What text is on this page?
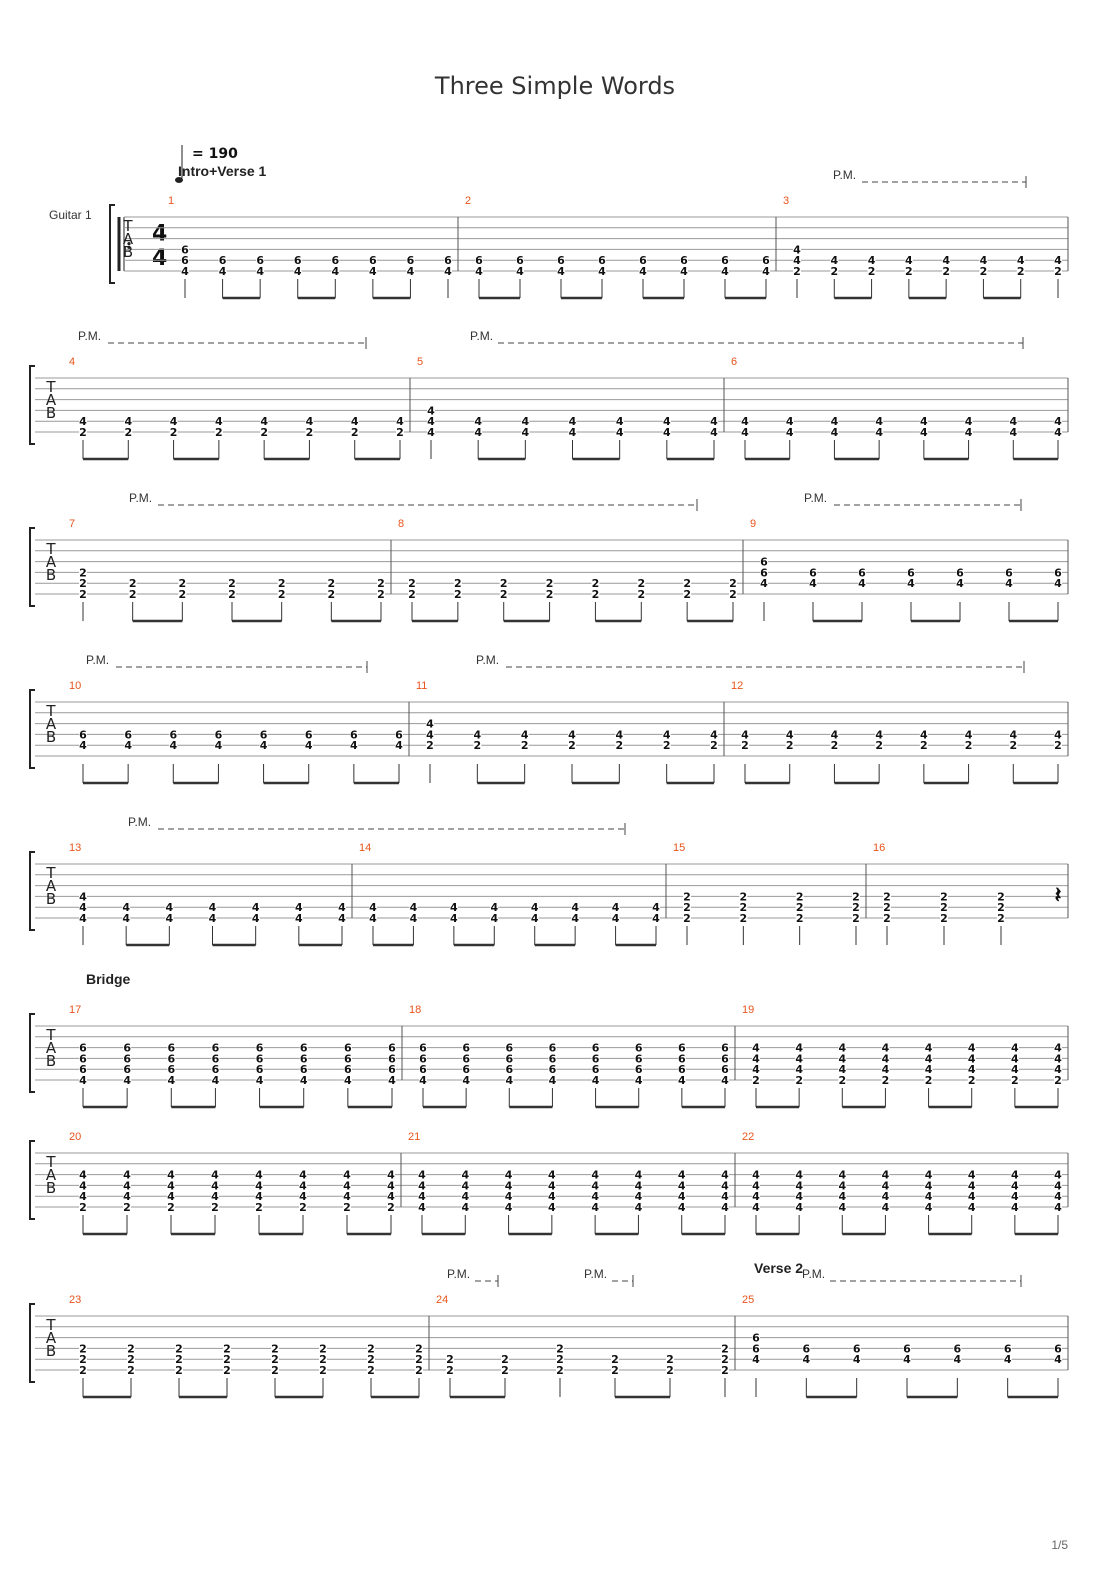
Three Simple Words
= 190
Guitar 1
4
4
T
A
B
Intro+Verse 1	P.M.
1
6
6
4
6
4
6
4
6
4
6
4
6
4
6
4
6
4
2
6
4
6
4
6
4
6
4
6
4
6
4
6
4
6
4
3
4
4
2
4
2
4
2
4
2
4
2
4
2
4
2
4
2
T
A
B
P.M.	P.M.
4
4
2
4
2
4
2
4
2
4
2
4
2
4
2
4
2
5
4
4
4
4
4
4
4
4
4
4
4
4
4
4
4
6
4
4
4
4
4
4
4
4
4
4
4
4
4
4
4
4
T
A
B
P.M.	P.M.
7
2
2
2
2
2
2
2
2
2
2
2
2
2
2
2
8
2
2
2
2
2
2
2
2
2
2
2
2
2
2
2
2
9
6
6
4
6
4
6
4
6
4
6
4
6
4
6
4
T
A
B
P.M.	P.M.
10
6
4
6
4
6
4
6
4
6
4
6
4
6
4
6
4
11
4
4
2
4
2
4
2
4
2
4
2
4
2
4
2
12
4
2
4
2
4
2
4
2
4
2
4
2
4
2
4
2
T
A
B
P.M.
13
4
4
4
4
4
4
4
4
4
4
4
4
4
4
4
14
4
4
4
4
4
4
4
4
4
4
4
4
4
4
4
4
15
2
2
2
2
2
2
2
2
2
2
2
2
16
2
2
2
2
2
2
2
2
2
𝄽
T
A
B
Bridge
17
6
6
6
4
6
6
6
4
6
6
6
4
6
6
6
4
6
6
6
4
6
6
6
4
6
6
6
4
6
6
6
4
18
6
6
6
4
6
6
6
4
6
6
6
4
6
6
6
4
6
6
6
4
6
6
6
4
6
6
6
4
6
6
6
4
19
4
4
4
2
4
4
4
2
4
4
4
2
4
4
4
2
4
4
4
2
4
4
4
2
4
4
4
2
4
4
4
2
T
A
B
20
4
4
4
2
4
4
4
2
4
4
4
2
4
4
4
2
4
4
4
2
4
4
4
2
4
4
4
2
4
4
4
2
21
4
4
4
4
4
4
4
4
4
4
4
4
4
4
4
4
4
4
4
4
4
4
4
4
4
4
4
4
4
4
4
4
22
4
4
4
4
4
4
4
4
4
4
4
4
4
4
4
4
4
4
4
4
4
4
4
4
4
4
4
4
4
4
4
4
T
A
B
Verse 2
P.M.	P.M.	P.M.
23
2
2
2
2
2
2
2
2
2
2
2
2
2
2
2
2
2
2
2
2
2
2
2
2
24
2
2
2
2
2
2
2
2
2
2
2
2
2
2
25
6
6
4
6
4
6
4
6
4
6
4
6
4
6
4
1/5
